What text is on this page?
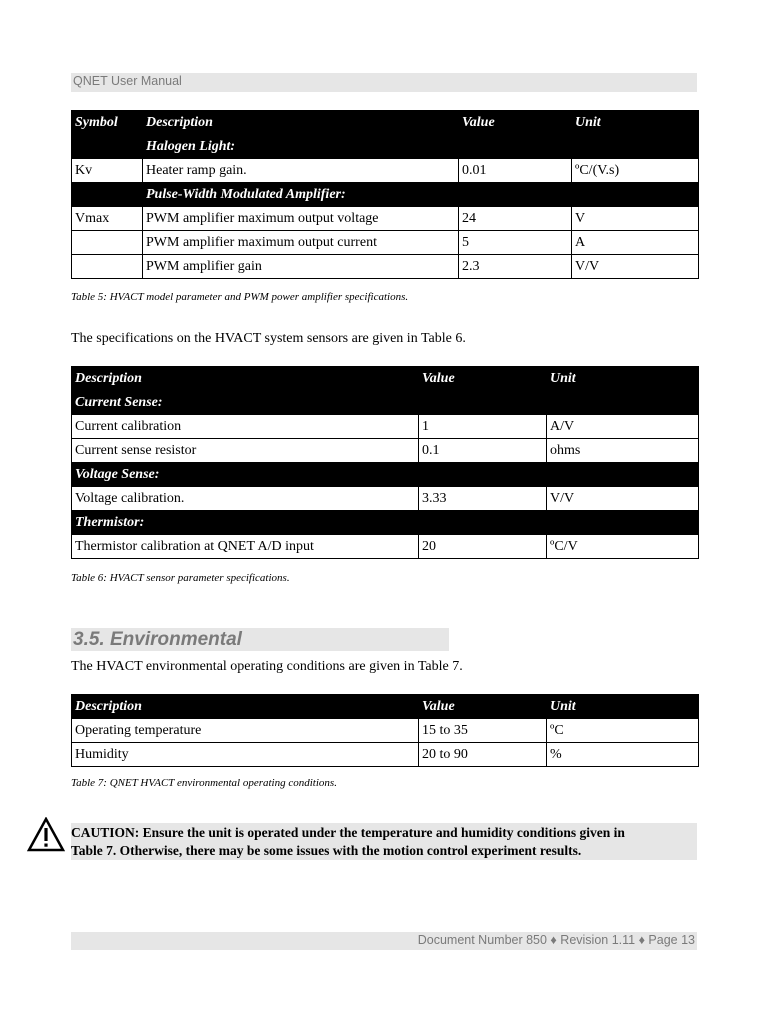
QNET User Manual
Symbol	Description	Value	Unit
	Halogen Light:		
Kv	Heater ramp gain.	0.01	ºC/(V.s)
	Pulse-Width Modulated Amplifier:		
Vmax	PWM amplifier maximum output voltage	24	V
	PWM amplifier maximum output current	5	A
	PWM amplifier gain	2.3	V/V
Table 5: HVACT model parameter and PWM power amplifier specifications.
The specifications on the HVACT system sensors are given in Table 6.
Description	Value	Unit
Current Sense:		
Current calibration	1	A/V
Current sense resistor	0.1	ohms
Voltage Sense:		
Voltage calibration.	3.33	V/V
Thermistor:		
Thermistor calibration at QNET A/D input	20	ºC/V
Table 6: HVACT sensor parameter specifications.
3.5. Environmental
The HVACT environmental operating conditions are given in Table 7.
Description	Value	Unit
Operating temperature	15 to 35	ºC
Humidity	20 to 90	%
Table 7: QNET HVACT environmental operating conditions.
CAUTION: Ensure the unit is operated under the temperature and humidity conditions given in
Table 7. Otherwise, there may be some issues with the motion control experiment results.
Document Number 850 ♦ Revision 1.11 ♦ Page 13
